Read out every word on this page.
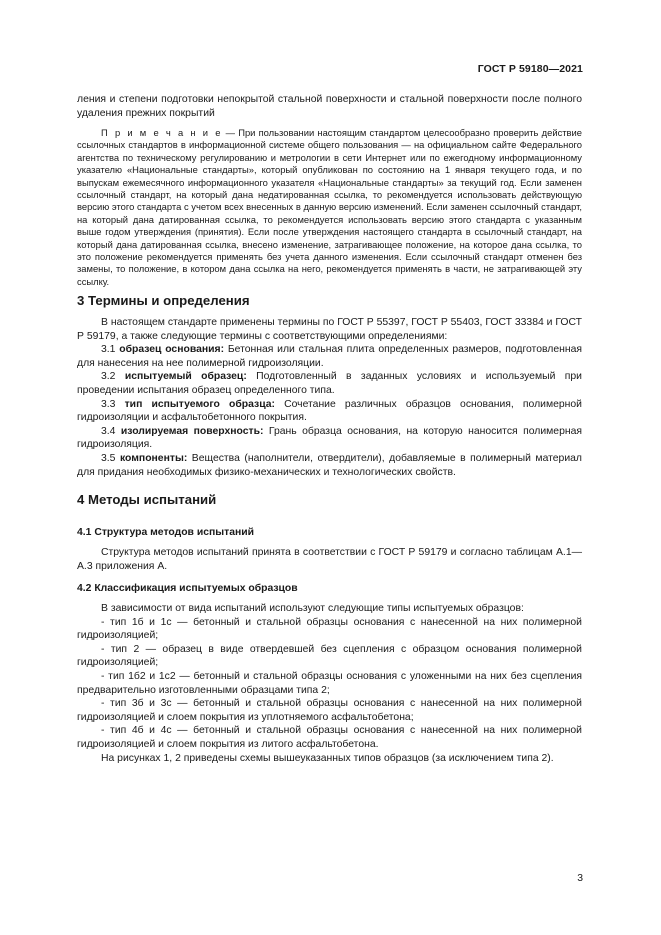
ГОСТ Р 59180—2021

ления и степени подготовки непокрытой стальной поверхности и стальной поверхности после полного удаления прежних покрытий

П р и м е ч а н и е — При пользовании настоящим стандартом целесообразно проверить действие ссылочных стандартов в информационной системе общего пользования — на официальном сайте Федерального агентства по техническому регулированию и метрологии в сети Интернет или по ежегодному информационному указателю «Национальные стандарты», который опубликован по состоянию на 1 января текущего года, и по выпускам ежемесячного информационного указателя «Национальные стандарты» за текущий год. Если заменен ссылочный стандарт, на который дана недатированная ссылка, то рекомендуется использовать действующую версию этого стандарта с учетом всех внесенных в данную версию изменений. Если заменен ссылочный стандарт, на который дана датированная ссылка, то рекомендуется использовать версию этого стандарта с указанным выше годом утверждения (принятия). Если после утверждения настоящего стандарта в ссылочный стандарт, на который дана датированная ссылка, внесено изменение, затрагивающее положение, на которое дана ссылка, то это положение рекомендуется применять без учета данного изменения. Если ссылочный стандарт отменен без замены, то положение, в котором дана ссылка на него, рекомендуется применять в части, не затрагивающей эту ссылку.

3 Термины и определения

В настоящем стандарте применены термины по ГОСТ Р 55397, ГОСТ Р 55403, ГОСТ 33384 и ГОСТ Р 59179, а также следующие термины с соответствующими определениями:

3.1 образец основания: Бетонная или стальная плита определенных размеров, подготовленная для нанесения на нее полимерной гидроизоляции.

3.2 испытуемый образец: Подготовленный в заданных условиях и используемый при проведении испытания образец определенного типа.

3.3 тип испытуемого образца: Сочетание различных образцов основания, полимерной гидроизоляции и асфальтобетонного покрытия.

3.4 изолируемая поверхность: Грань образца основания, на которую наносится полимерная гидроизоляция.

3.5 компоненты: Вещества (наполнители, отвердители), добавляемые в полимерный материал для придания необходимых физико-механических и технологических свойств.

4 Методы испытаний
4.1 Структура методов испытаний

Структура методов испытаний принята в соответствии с ГОСТ Р 59179 и согласно таблицам А.1—А.3 приложения А.

4.2 Классификация испытуемых образцов

В зависимости от вида испытаний используют следующие типы испытуемых образцов:

- тип 1б и 1с — бетонный и стальной образцы основания с нанесенной на них полимерной гидроизоляцией;

- тип 2 — образец в виде отвердевшей без сцепления с образцом основания полимерной гидроизоляцией;

- тип 1б2 и 1с2 — бетонный и стальной образцы основания с уложенными на них без сцепления предварительно изготовленными образцами типа 2;

- тип 3б и 3с — бетонный и стальной образцы основания с нанесенной на них полимерной гидроизоляцией и слоем покрытия из уплотняемого асфальтобетона;

- тип 4б и 4с — бетонный и стальной образцы основания с нанесенной на них полимерной гидроизоляцией и слоем покрытия из литого асфальтобетона.

На рисунках 1, 2 приведены схемы вышеуказанных типов образцов (за исключением типа 2).

3
